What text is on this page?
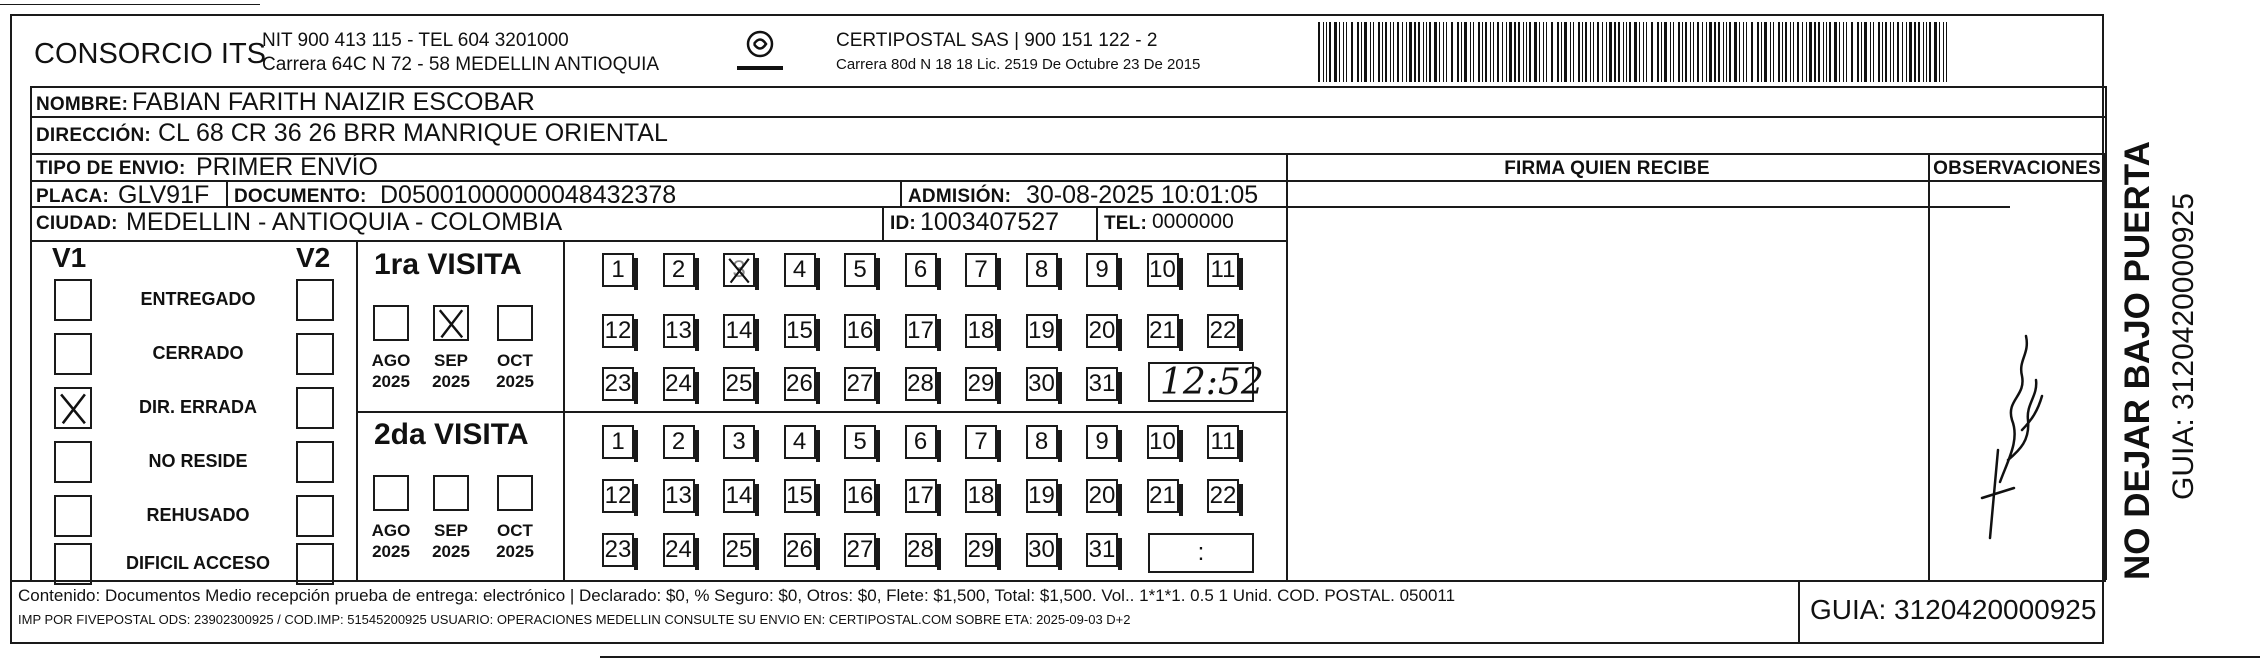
CONSORCIO ITS
NIT 900 413 115 - TEL 604 3201000
Carrera 64C N 72 - 58 MEDELLIN ANTIOQUIA
CERTIPOSTAL SAS | 900 151 122 - 2
Carrera 80d N 18 18 Lic. 2519 De Octubre 23 De 2015
NOMBRE: FABIAN FARITH NAIZIR ESCOBAR
DIRECCIÓN: CL 68 CR 36 26 BRR MANRIQUE ORIENTAL
TIPO DE ENVIO: PRIMER ENVÍO
PLACA: GLV91F DOCUMENTO: D05001000000048432378	ADMISIÓN: 30-08-2025 10:01:05
CIUDAD: MEDELLIN - ANTIOQUIA - COLOMBIA	ID: 1003407527 TEL: 0000000
FIRMA QUIEN RECIBE	OBSERVACIONES
V1	V2
ENTREGADO
CERRADO
DIR. ERRADA
NO RESIDE
REHUSADO
DIFICIL ACCESO
1ra VISITA
2da VISITA
AGO
2025
SEP
2025
OCT
2025
AGO
2025
SEP
2025
OCT
2025
1	2	3	4	5	6	7	8	9	10 11
12 13 14 15 16 17 18 19 20 21 22
23 24 25 26 27 28 29 30 31
1	2	3	4	5	6	7	8	9	10 11
12 13 14 15 16 17 18 19 20 21 22
23 24 25 26 27 28 29 30 31
12:52
:	NO DEJAR BAJO PUERTA GUIA: 3120420000925
Contenido: Documentos Medio recepción prueba de entrega: electrónico | Declarado: $0, % Seguro: $0, Otros: $0, Flete: $1,500, Total: $1,500. Vol.. 1*1*1. 0.5 1 Unid. COD. POSTAL. 050011
IMP POR FIVEPOSTAL ODS: 23902300925 / COD.IMP: 51545200925 USUARIO: OPERACIONES MEDELLIN CONSULTE SU ENVIO EN: CERTIPOSTAL.COM SOBRE ETA: 2025-09-03 D+2	GUIA: 3120420000925
